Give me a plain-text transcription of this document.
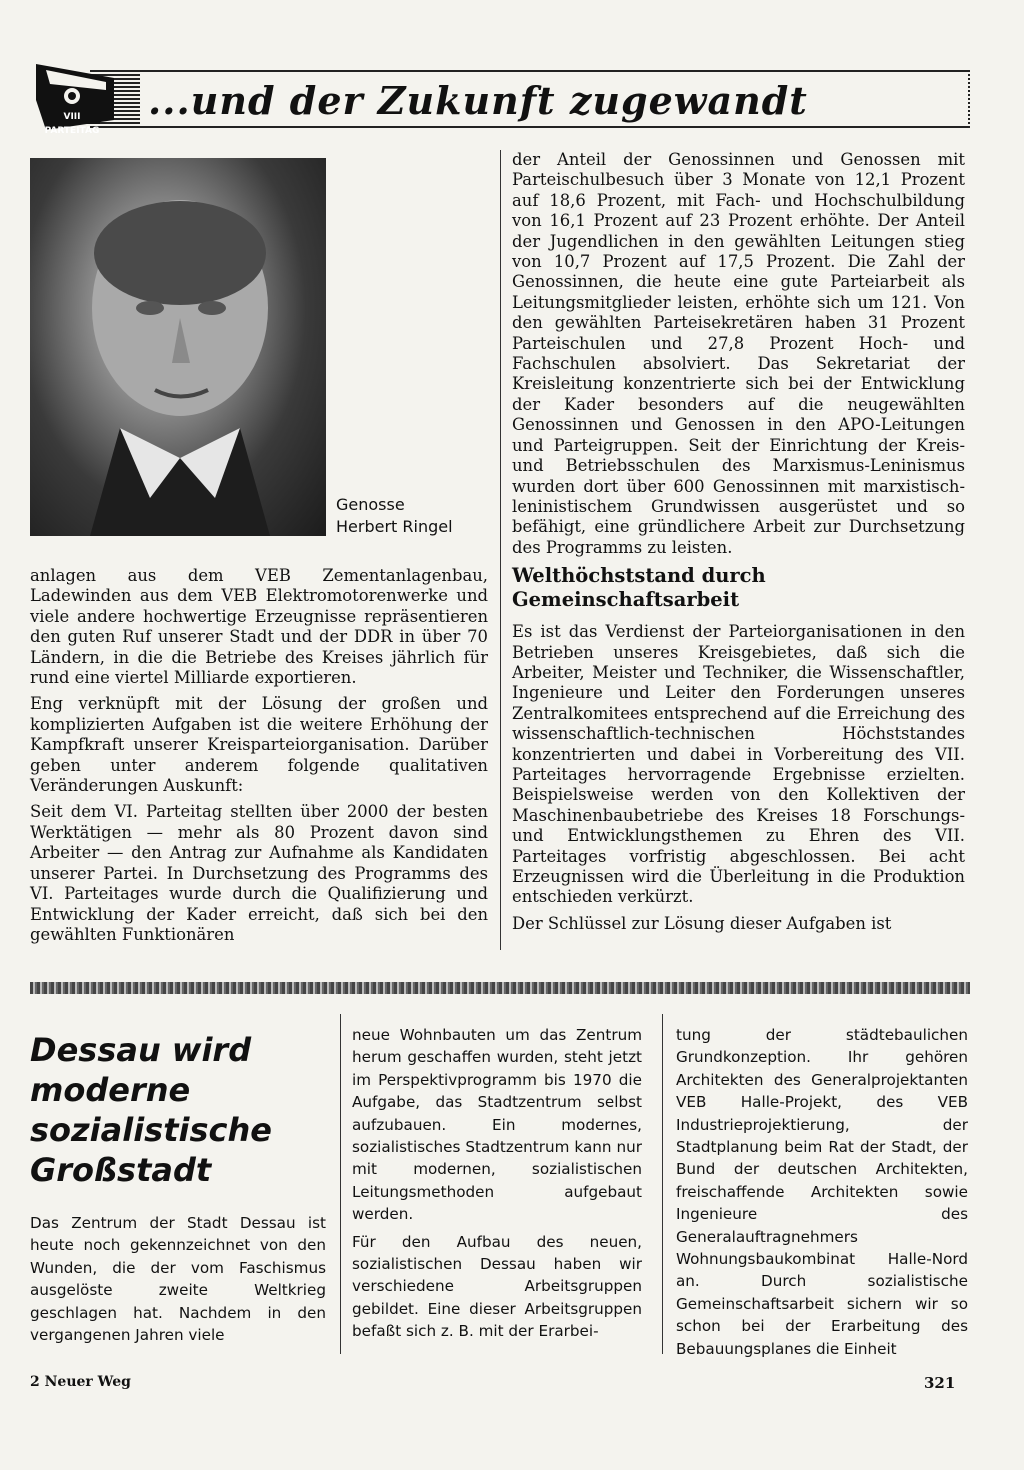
VIII PARTEITAG
...und der Zukunft zugewandt
Genosse
Herbert Ringel

anlagen aus dem VEB Zementanlagenbau, Ladewinden aus dem VEB Elektromotorenwerke und viele andere hochwertige Erzeugnisse repräsentieren den guten Ruf unserer Stadt und der DDR in über 70 Ländern, in die die Betriebe des Kreises jährlich für rund eine viertel Milliarde exportieren.

Eng verknüpft mit der Lösung der großen und komplizierten Aufgaben ist die weitere Erhöhung der Kampfkraft unserer Kreisparteiorganisation. Darüber geben unter anderem folgende qualitativen Veränderungen Auskunft:

Seit dem VI. Parteitag stellten über 2000 der besten Werktätigen — mehr als 80 Prozent davon sind Arbeiter — den Antrag zur Aufnahme als Kandidaten unserer Partei. In Durchsetzung des Programms des VI. Parteitages wurde durch die Qualifizierung und Entwicklung der Kader erreicht, daß sich bei den gewählten Funktionären

der Anteil der Genossinnen und Genossen mit Parteischulbesuch über 3 Monate von 12,1 Prozent auf 18,6 Prozent, mit Fach- und Hochschulbildung von 16,1 Prozent auf 23 Prozent erhöhte. Der Anteil der Jugendlichen in den gewählten Leitungen stieg von 10,7 Prozent auf 17,5 Prozent. Die Zahl der Genossinnen, die heute eine gute Parteiarbeit als Leitungsmitglieder leisten, erhöhte sich um 121. Von den gewählten Parteisekretären haben 31 Prozent Parteischulen und 27,8 Prozent Hoch- und Fachschulen absolviert. Das Sekretariat der Kreisleitung konzentrierte sich bei der Entwicklung der Kader besonders auf die neugewählten Genossinnen und Genossen in den APO-Leitungen und Parteigruppen. Seit der Einrichtung der Kreis- und Betriebsschulen des Marxismus-Leninismus wurden dort über 600 Genossinnen mit marxistisch-leninistischem Grundwissen ausgerüstet und so befähigt, eine gründlichere Arbeit zur Durchsetzung des Programms zu leisten.

Welthöchststand durch Gemeinschaftsarbeit

Es ist das Verdienst der Parteiorganisationen in den Betrieben unseres Kreisgebietes, daß sich die Arbeiter, Meister und Techniker, die Wissenschaftler, Ingenieure und Leiter den Forderungen unseres Zentralkomitees entsprechend auf die Erreichung des wissenschaftlich-technischen Höchststandes konzentrierten und dabei in Vorbereitung des VII. Parteitages hervorragende Ergebnisse erzielten. Beispielsweise werden von den Kollektiven der Maschinenbaubetriebe des Kreises 18 Forschungs- und Entwicklungsthemen zu Ehren des VII. Parteitages vorfristig abgeschlossen. Bei acht Erzeugnissen wird die Überleitung in die Produktion entschieden verkürzt.

Der Schlüssel zur Lösung dieser Aufgaben ist

Dessau wird
moderne
sozialistische
Großstadt

Das Zentrum der Stadt Dessau ist heute noch gekennzeichnet von den Wunden, die der vom Faschismus ausgelöste zweite Weltkrieg geschlagen hat. Nachdem in den vergangenen Jahren viele

neue Wohnbauten um das Zentrum herum geschaffen wurden, steht jetzt im Perspektivprogramm bis 1970 die Aufgabe, das Stadtzentrum selbst aufzubauen. Ein modernes, sozialistisches Stadtzentrum kann nur mit modernen, sozialistischen Leitungsmethoden aufgebaut werden.

Für den Aufbau des neuen, sozialistischen Dessau haben wir verschiedene Arbeitsgruppen gebildet. Eine dieser Arbeitsgruppen befaßt sich z. B. mit der Erarbei-

tung der städtebaulichen Grundkonzeption. Ihr gehören Architekten des Generalprojektanten VEB Halle-Projekt, des VEB Industrieprojektierung, der Stadtplanung beim Rat der Stadt, der Bund der deutschen Architekten, freischaffende Architekten sowie Ingenieure des Generalauftragnehmers Wohnungsbaukombinat Halle-Nord an. Durch sozialistische Gemeinschaftsarbeit sichern wir so schon bei der Erarbeitung des Bebauungsplanes die Einheit

2 Neuer Weg	321
